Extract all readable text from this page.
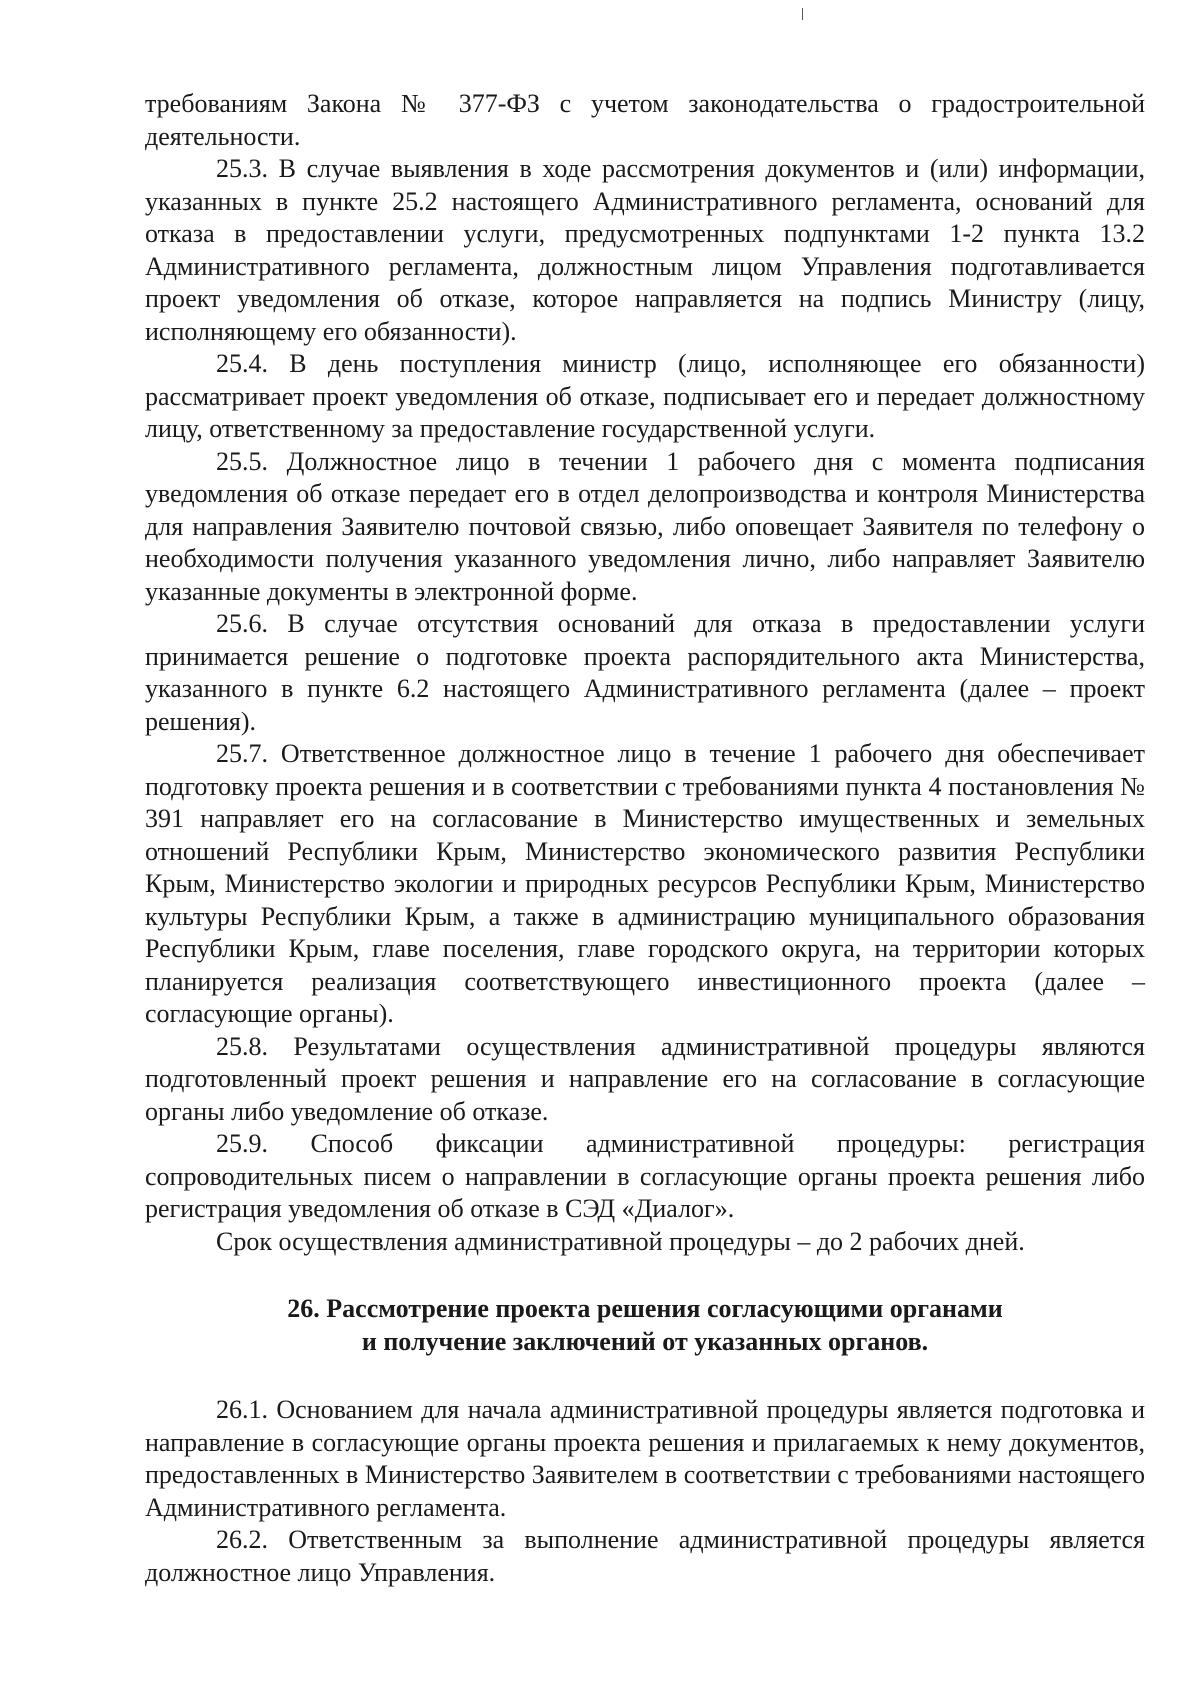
требованиям Закона № 377-ФЗ с учетом законодательства о градостроительной деятельности.

25.3. В случае выявления в ходе рассмотрения документов и (или) информации, указанных в пункте 25.2 настоящего Административного регламента, оснований для отказа в предоставлении услуги, предусмотренных подпунктами 1-2 пункта 13.2 Административного регламента, должностным лицом Управления подготавливается проект уведомления об отказе, которое направляется на подпись Министру (лицу, исполняющему его обязанности).

25.4. В день поступления министр (лицо, исполняющее его обязанности) рассматривает проект уведомления об отказе, подписывает его и передает должностному лицу, ответственному за предоставление государственной услуги.

25.5. Должностное лицо в течении 1 рабочего дня с момента подписания уведомления об отказе передает его в отдел делопроизводства и контроля Министерства для направления Заявителю почтовой связью, либо оповещает Заявителя по телефону о необходимости получения указанного уведомления лично, либо направляет Заявителю указанные документы в электронной форме.

25.6. В случае отсутствия оснований для отказа в предоставлении услуги принимается решение о подготовке проекта распорядительного акта Министерства, указанного в пункте 6.2 настоящего Административного регламента (далее – проект решения).

25.7. Ответственное должностное лицо в течение 1 рабочего дня обеспечивает подготовку проекта решения и в соответствии с требованиями пункта 4 постановления № 391 направляет его на согласование в Министерство имущественных и земельных отношений Республики Крым, Министерство экономического развития Республики Крым, Министерство экологии и природных ресурсов Республики Крым, Министерство культуры Республики Крым, а также в администрацию муниципального образования Республики Крым, главе поселения, главе городского округа, на территории которых планируется реализация соответствующего инвестиционного проекта (далее – согласующие органы).

25.8. Результатами осуществления административной процедуры являются подготовленный проект решения и направление его на согласование в согласующие органы либо уведомление об отказе.

25.9. Способ фиксации административной процедуры: регистрация сопроводительных писем о направлении в согласующие органы проекта решения либо регистрация уведомления об отказе в СЭД «Диалог».

Срок осуществления административной процедуры – до 2 рабочих дней.

26. Рассмотрение проекта решения согласующими органами
и получение заключений от указанных органов.

26.1. Основанием для начала административной процедуры является подготовка и направление в согласующие органы проекта решения и прилагаемых к нему документов, предоставленных в Министерство Заявителем в соответствии с требованиями настоящего Административного регламента.

26.2. Ответственным за выполнение административной процедуры является должностное лицо Управления.
